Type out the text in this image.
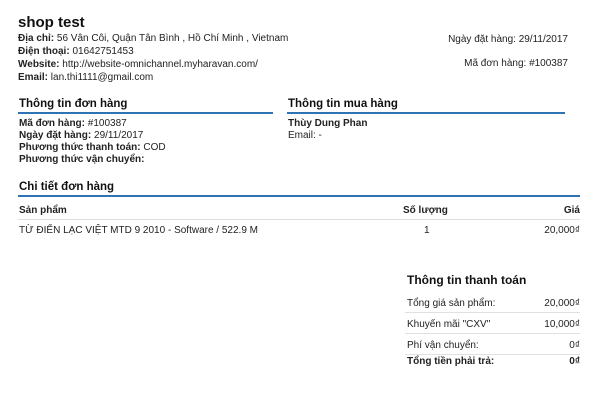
shop test
Địa chỉ: 56 Vân Côi, Quận Tân Bình , Hồ Chí Minh , Vietnam
Điện thoại: 01642751453
Website: http://website-omnichannel.myharavan.com/
Email: lan.thi1111@gmail.com
Ngày đặt hàng: 29/11/2017
Mã đơn hàng: #100387
Thông tin đơn hàng
Mã đơn hàng: #100387
Ngày đặt hàng: 29/11/2017
Phương thức thanh toán: COD
Phương thức vận chuyển:
Thông tin mua hàng
Thùy Dung Phan
Email: -
Chi tiết đơn hàng
Sản phẩm	Số lượng	Giá
TỪ ĐIỂN LẠC VIỆT MTD 9 2010 - Software / 522.9 M	1	20,000₫
Thông tin thanh toán
Tổng giá sản phẩm:	20,000₫
Khuyến mãi "CXV"	10,000₫
Phí vận chuyển:	0₫
Tổng tiền phải trả:	0₫
